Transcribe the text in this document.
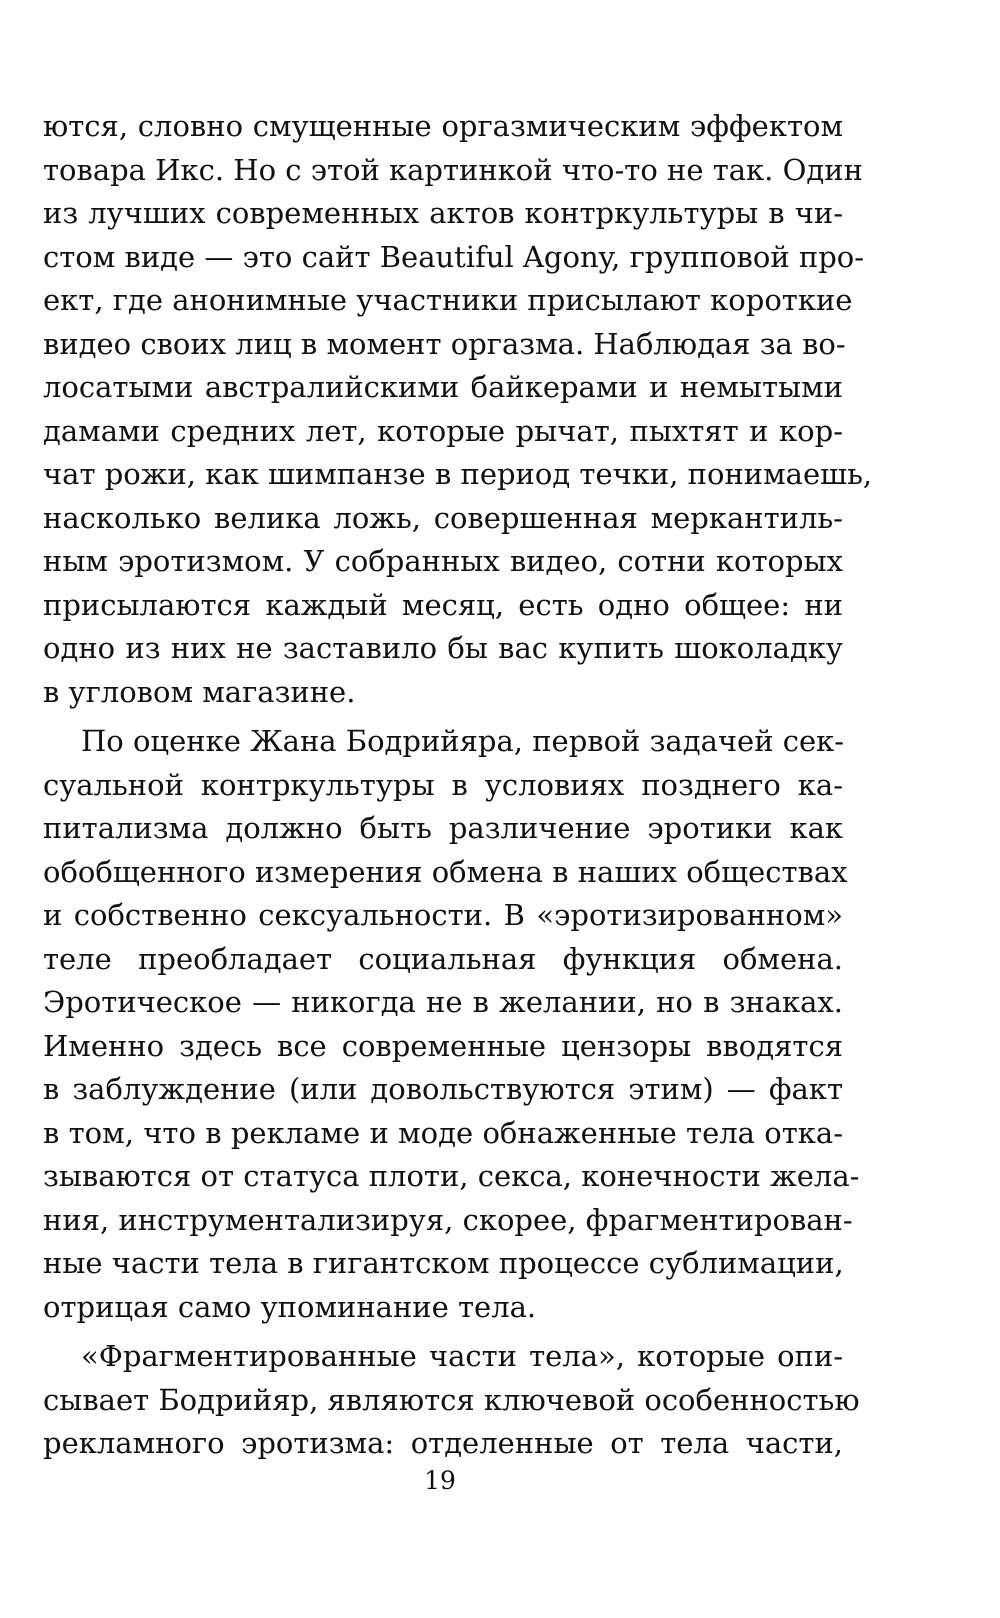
ются, словно смущенные оргазмическим эффектом
товара Икс. Но с этой картинкой что-то не так. Один
из лучших современных актов контркультуры в чи-
стом виде — это сайт Beautiful Agony, групповой про-
ект, где анонимные участники присылают короткие
видео своих лиц в момент оргазма. Наблюдая за во-
лосатыми австралийскими байкерами и немытыми
дамами средних лет, которые рычат, пыхтят и кор-
чат рожи, как шимпанзе в период течки, понимаешь,
насколько велика ложь, совершенная меркантиль-
ным эротизмом. У собранных видео, сотни которых
присылаются каждый месяц, есть одно общее: ни
одно из них не заставило бы вас купить шоколадку
в угловом магазине.
По оценке Жана Бодрийяра, первой задачей сек-
суальной контркультуры в условиях позднего ка-
питализма должно быть различение эротики как
обобщенного измерения обмена в наших обществах
и собственно сексуальности. В «эротизированном»
теле преобладает социальная функция обмена.
Эротическое — никогда не в желании, но в знаках.
Именно здесь все современные цензоры вводятся
в заблуждение (или довольствуются этим) — факт
в том, что в рекламе и моде обнаженные тела отка-
зываются от статуса плоти, секса, конечности жела-
ния, инструментализируя, скорее, фрагментирован-
ные части тела в гигантском процессе сублимации,
отрицая само упоминание тела.
«Фрагментированные части тела», которые опи-
сывает Бодрийяр, являются ключевой особенностью
рекламного эротизма: отделенные от тела части,
19
